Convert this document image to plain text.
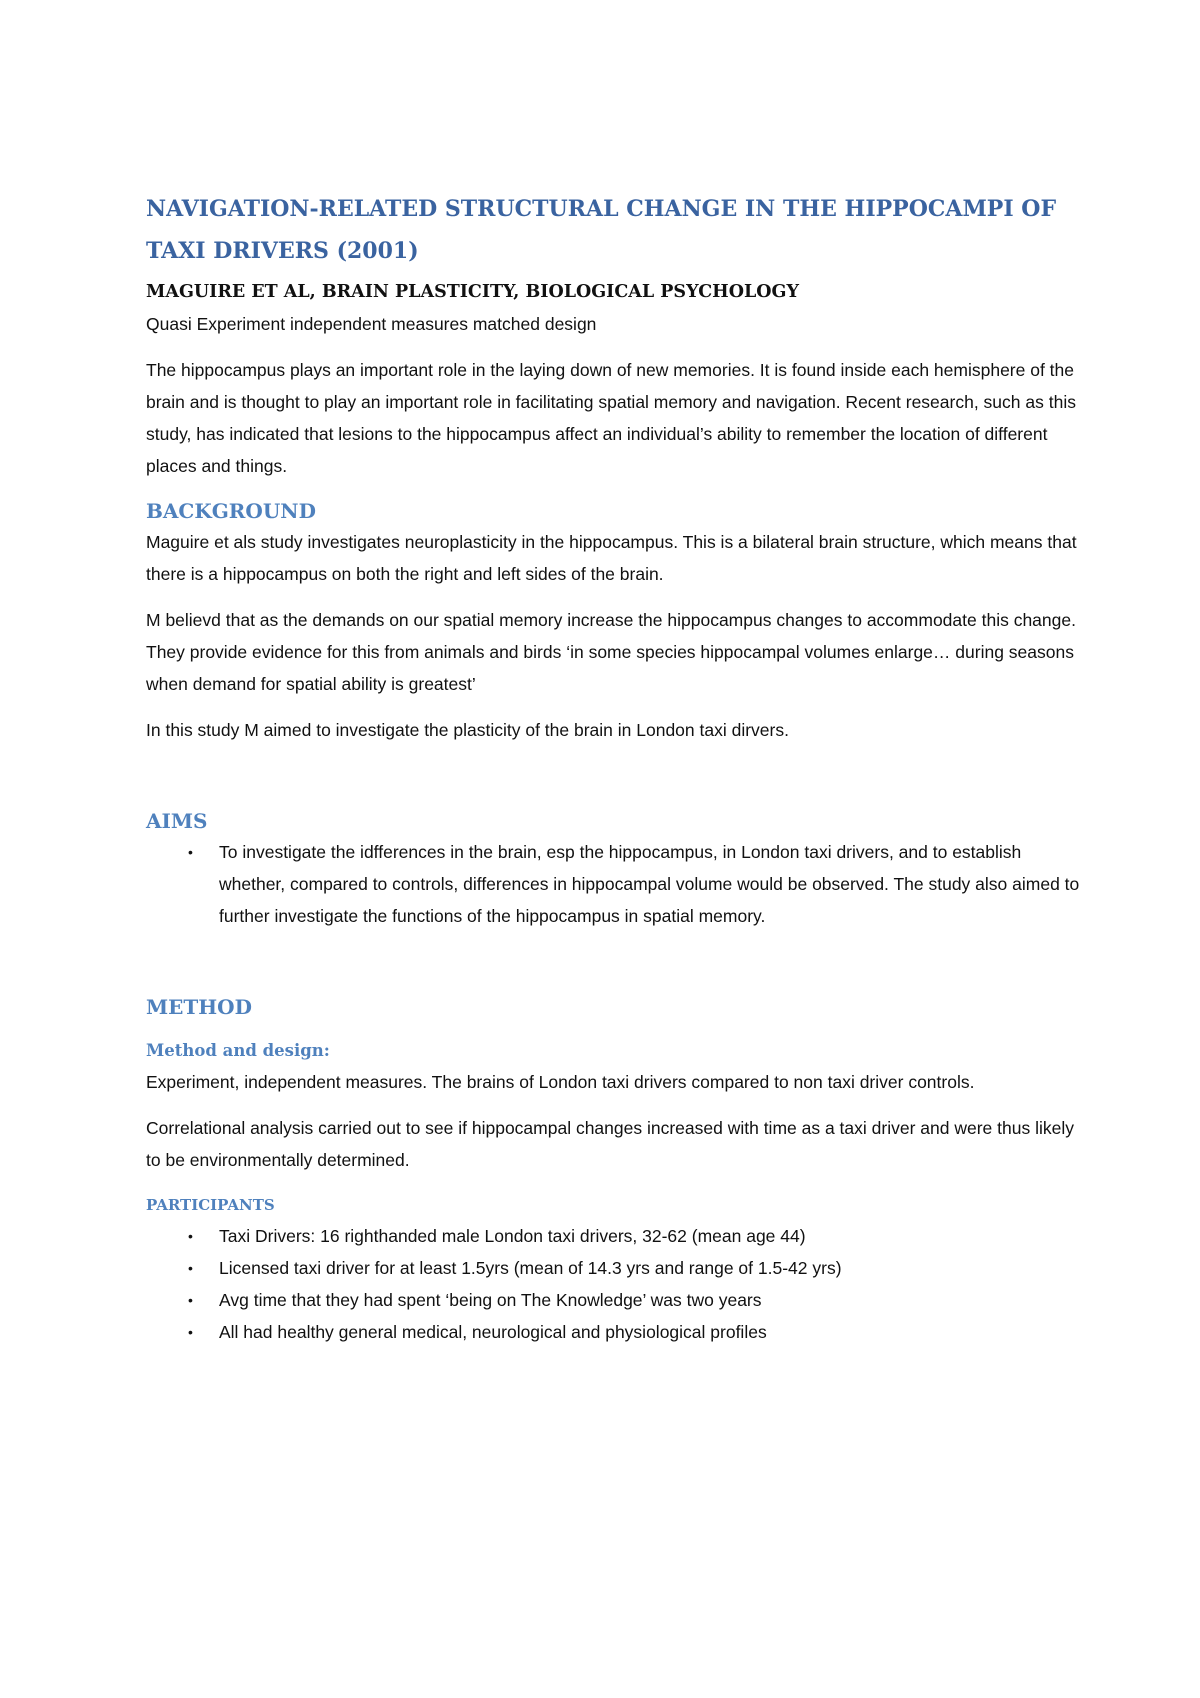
NAVIGATION-RELATED STRUCTURAL CHANGE IN THE HIPPOCAMPI OF TAXI DRIVERS (2001)
MAGUIRE ET AL, BRAIN PLASTICITY, BIOLOGICAL PSYCHOLOGY
Quasi Experiment independent measures matched design

The hippocampus plays an important role in the laying down of new memories. It is found inside each hemisphere of the brain and is thought to play an important role in facilitating spatial memory and navigation. Recent research, such as this study, has indicated that lesions to the hippocampus affect an individual’s ability to remember the location of different places and things.

BACKGROUND

Maguire et als study investigates neuroplasticity in the hippocampus. This is a bilateral brain structure, which means that there is a hippocampus on both the right and left sides of the brain.

M believd that as the demands on our spatial memory increase the hippocampus changes to accommodate this change. They provide evidence for this from animals and birds ‘in some species hippocampal volumes enlarge… during seasons when demand for spatial ability is greatest’

In this study M aimed to investigate the plasticity of the brain in London taxi dirvers.

AIMS
• To investigate the idfferences in the brain, esp the hippocampus, in London taxi drivers, and to establish whether, compared to controls, differences in hippocampal volume would be observed. The study also aimed to further investigate the functions of the hippocampus in spatial memory.
METHOD
Method and design:

Experiment, independent measures. The brains of London taxi drivers compared to non taxi driver controls.

Correlational analysis carried out to see if hippocampal changes increased with time as a taxi driver and were thus likely to be environmentally determined.

PARTICIPANTS
• Taxi Drivers: 16 righthanded male London taxi drivers, 32-62 (mean age 44)
• Licensed taxi driver for at least 1.5yrs (mean of 14.3 yrs and range of 1.5-42 yrs)
• Avg time that they had spent ‘being on The Knowledge’ was two years
• All had healthy general medical, neurological and physiological profiles
